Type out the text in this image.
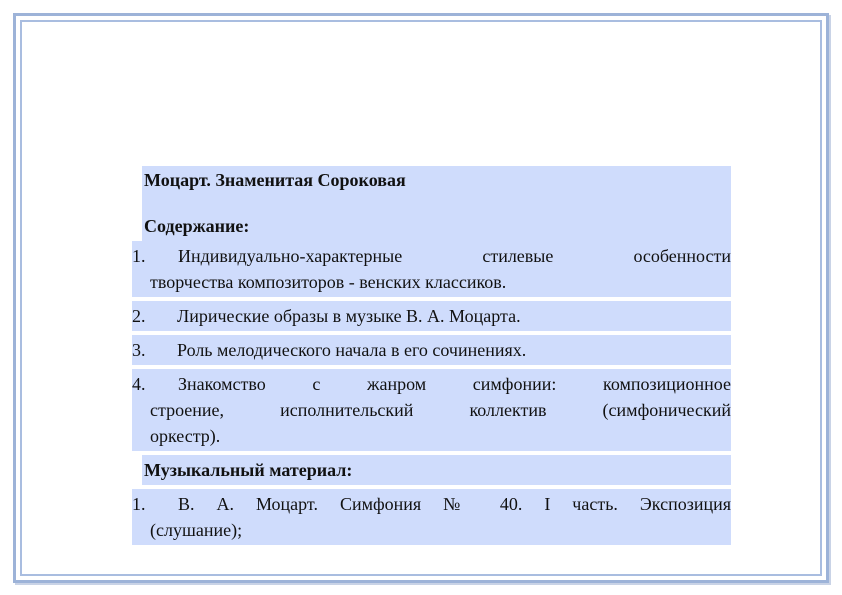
Моцарт. Знаменитая Сороковая
Содержание:
1.	Индивидуально-характерные стилевые особенности
творчества композиторов - венских классиков.
2.	Лирические образы в музыке В. А. Моцарта.
3.	Роль мелодического начала в его сочинениях.
4.	Знакомство с жанром симфонии: композиционное
строение, исполнительский коллектив (симфонический
оркестр).
Музыкальный материал:
1.	В. А. Моцарт. Симфония № 40. I часть. Экспозиция
(слушание);
